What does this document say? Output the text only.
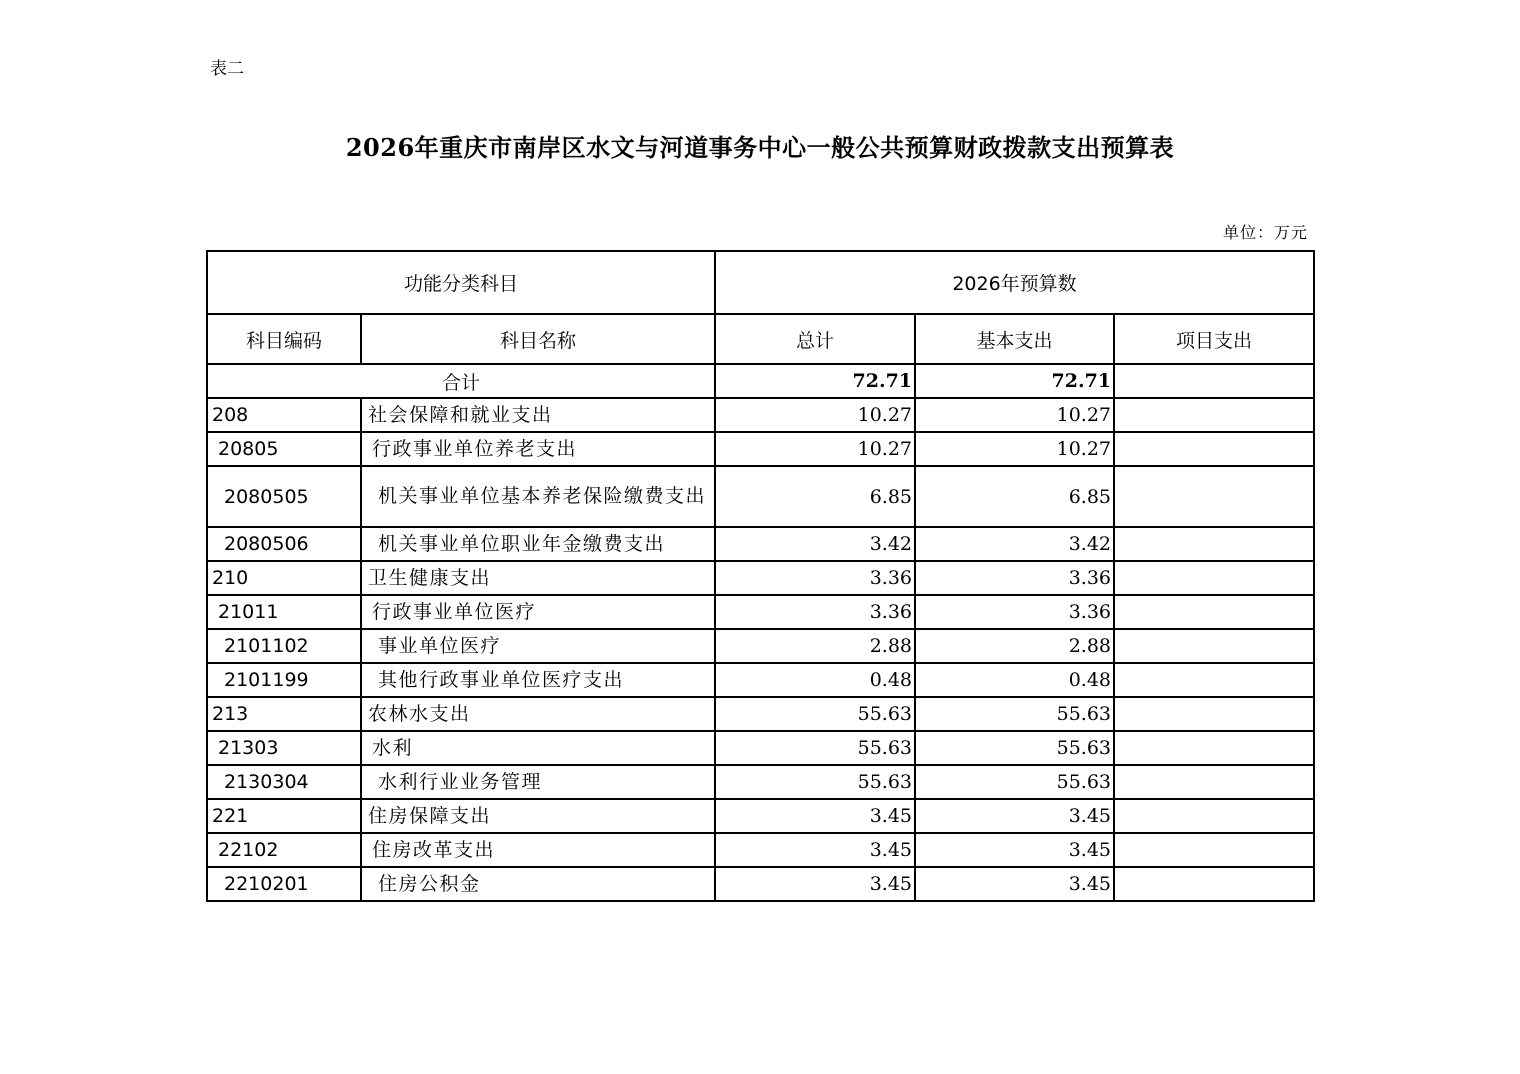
表二
2026年重庆市南岸区水文与河道事务中心一般公共预算财政拨款支出预算表
单位：万元
功能分类科目		2026年预算数		
科目编码	科目名称	总计	基本支出	项目支出
合计		72.71	72.71	
208	社会保障和就业支出	10.27	10.27	
20805	行政事业单位养老支出	10.27	10.27	
2080505	机关事业单位基本养老保险缴费支出	6.85	6.85	
2080506	机关事业单位职业年金缴费支出	3.42	3.42	
210	卫生健康支出	3.36	3.36	
21011	行政事业单位医疗	3.36	3.36	
2101102	事业单位医疗	2.88	2.88	
2101199	其他行政事业单位医疗支出	0.48	0.48	
213	农林水支出	55.63	55.63	
21303	水利	55.63	55.63	
2130304	水利行业业务管理	55.63	55.63	
221	住房保障支出	3.45	3.45	
22102	住房改革支出	3.45	3.45	
2210201	住房公积金	3.45	3.45	
